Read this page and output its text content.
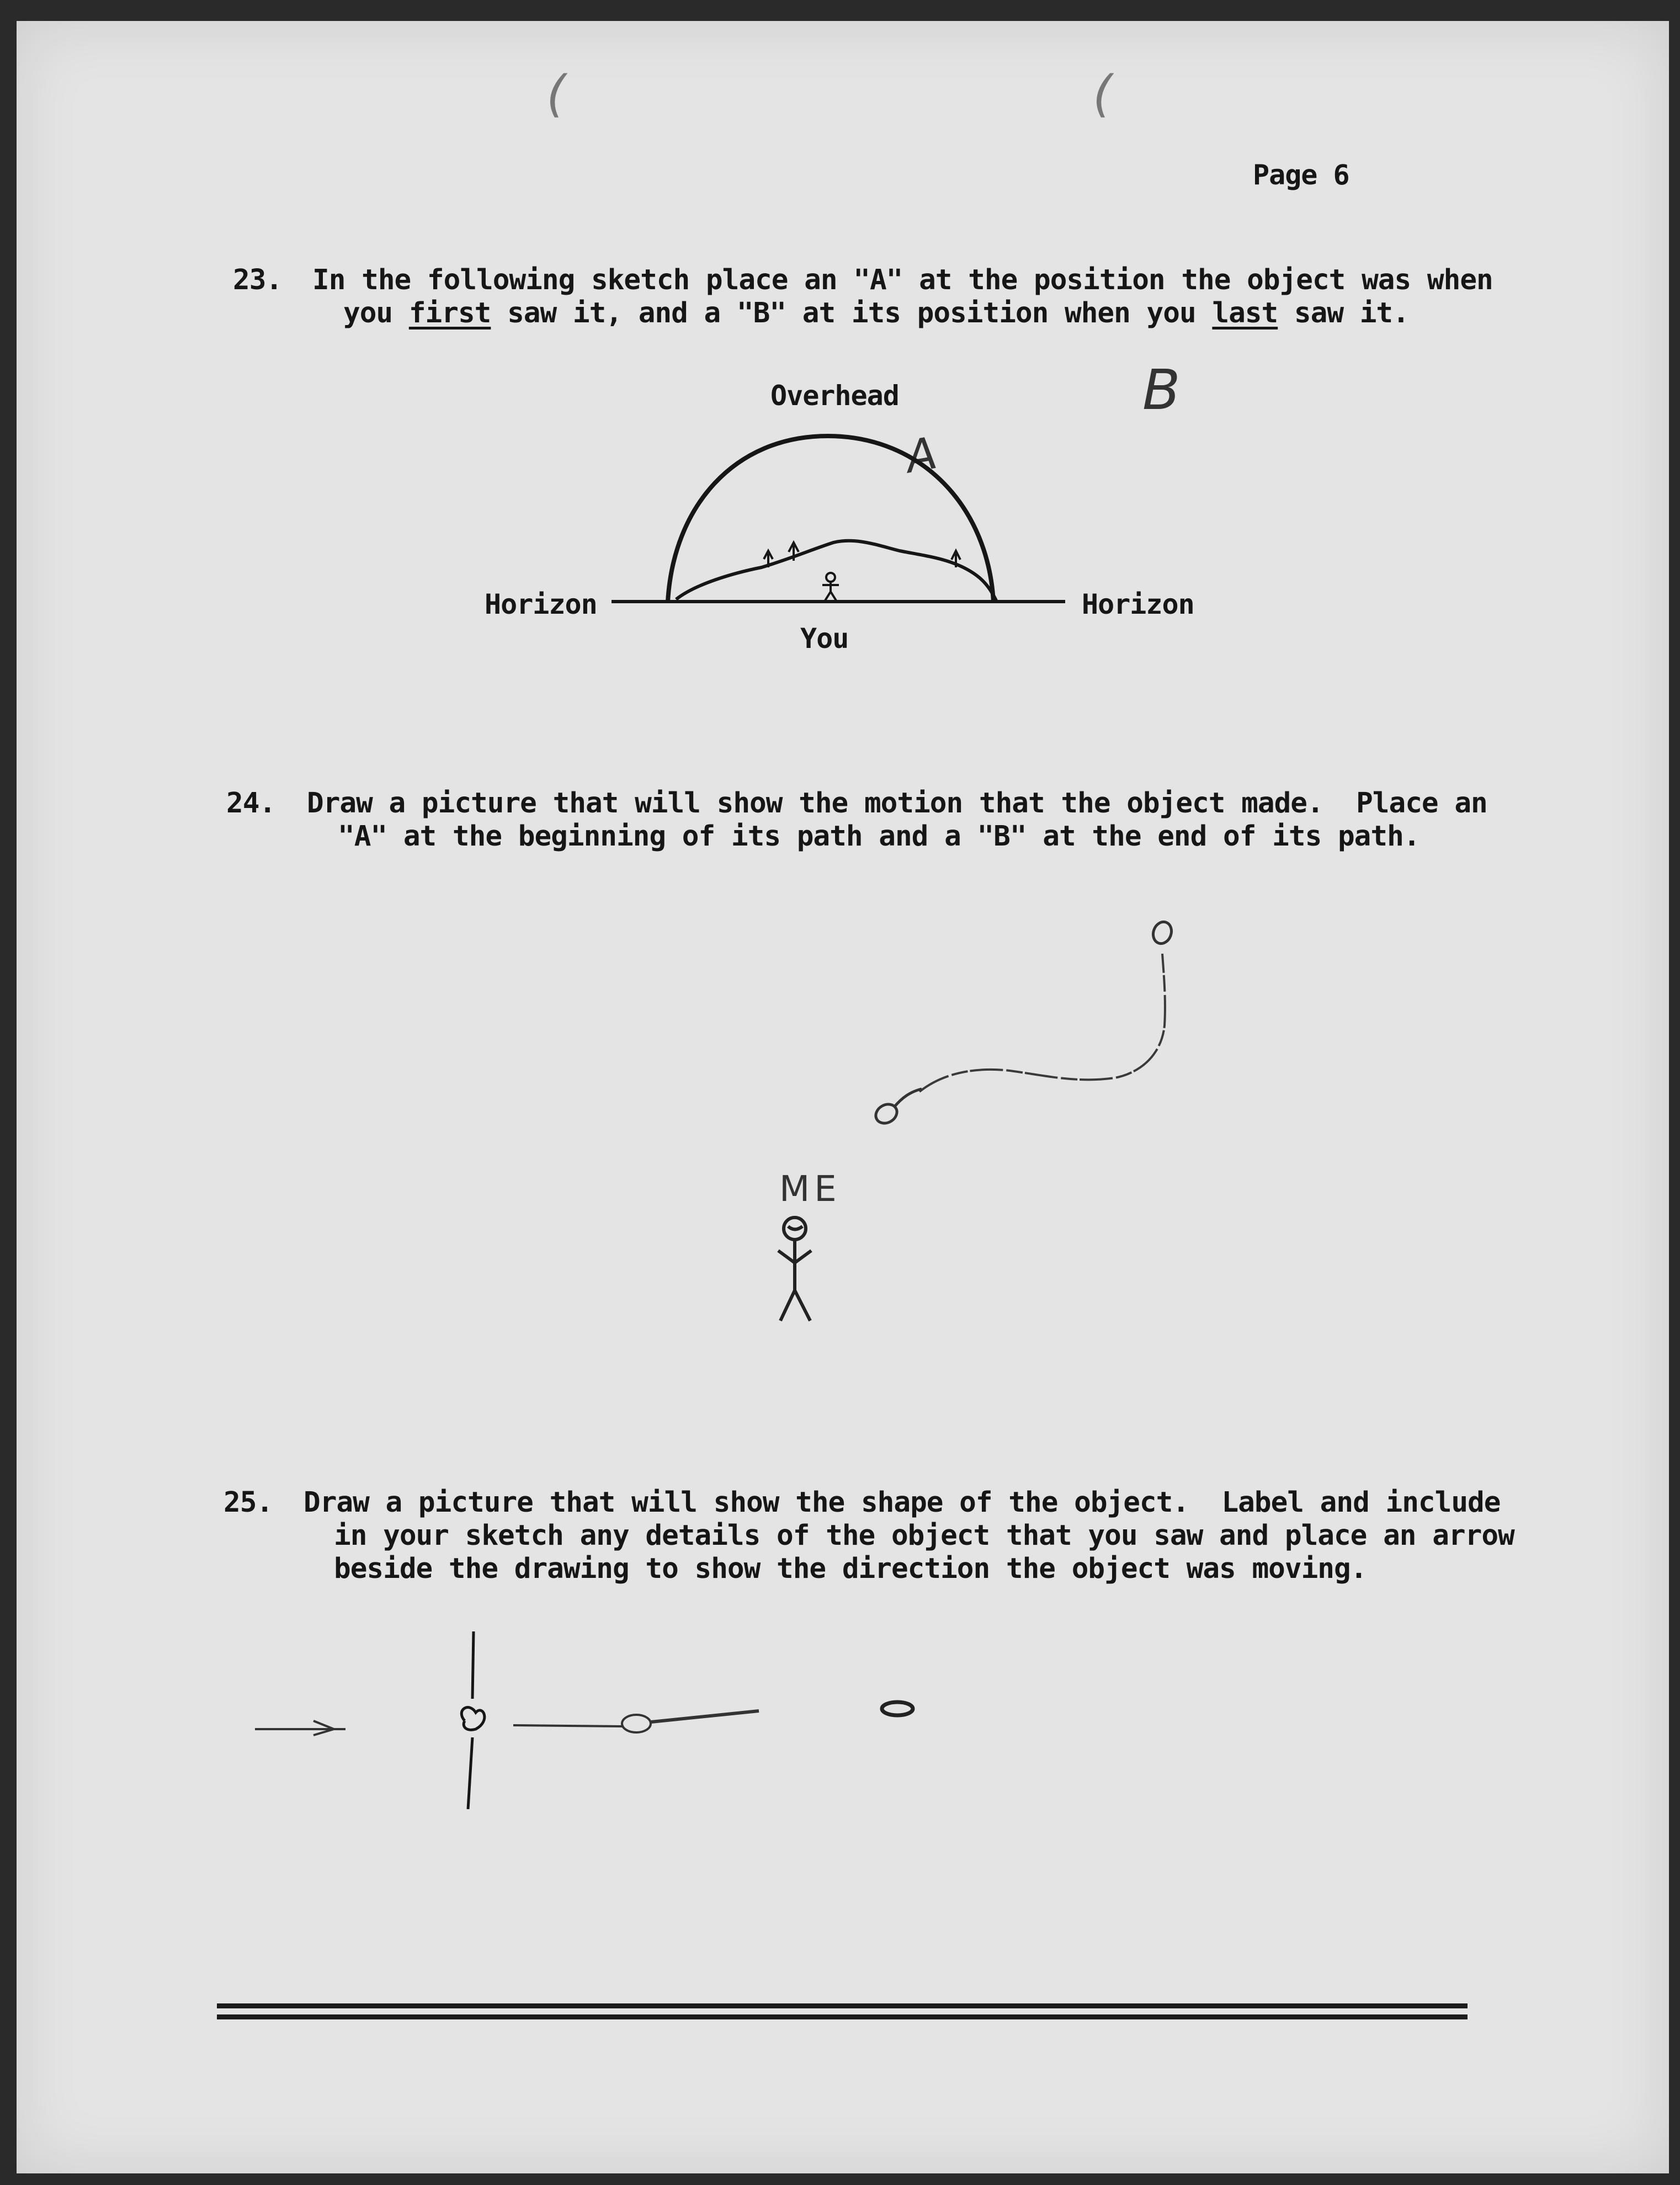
(	(

Page 6

23. In the following sketch place an "A" at the position the object was when

you first saw it, and a "B" at its position when you last saw it.

Overhead

Horizon	Horizon

You

B
A
24. Draw a picture that will show the motion that the object made.  Place an

"A" at the beginning of its path and a "B" at the end of its path.

ME
25. Draw a picture that will show the shape of the object.  Label and include

in your sketch any details of the object that you saw and place an arrow

beside the drawing to show the direction the object was moving.
